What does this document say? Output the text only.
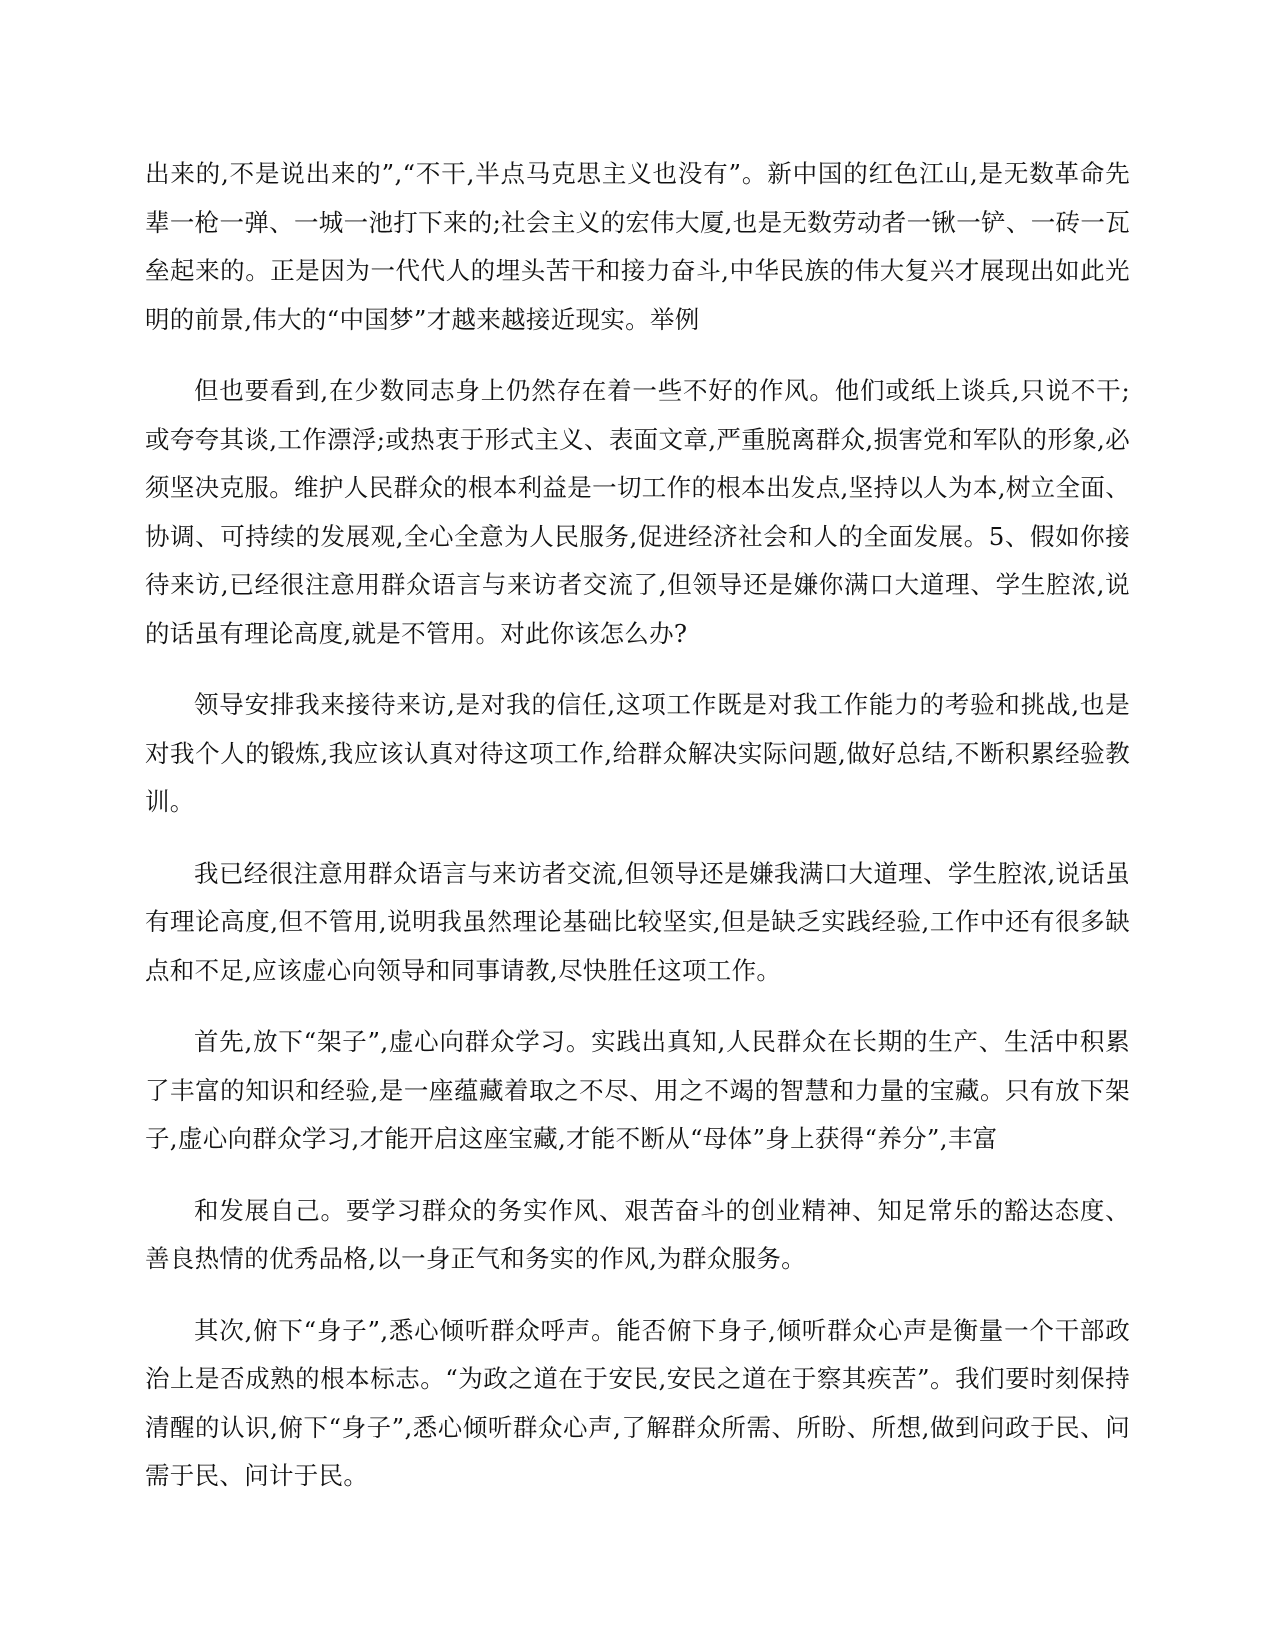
出来的,不是说出来的”,“不干,半点马克思主义也没有”。新中国的红色江山,是无数革命先辈一枪一弹、一城一池打下来的;社会主义的宏伟大厦,也是无数劳动者一锹一铲、一砖一瓦垒起来的。正是因为一代代人的埋头苦干和接力奋斗,中华民族的伟大复兴才展现出如此光明的前景,伟大的“中国梦”才越来越接近现实。举例

但也要看到,在少数同志身上仍然存在着一些不好的作风。他们或纸上谈兵,只说不干;或夸夸其谈,工作漂浮;或热衷于形式主义、表面文章,严重脱离群众,损害党和军队的形象,必须坚决克服。维护人民群众的根本利益是一切工作的根本出发点,坚持以人为本,树立全面、协调、可持续的发展观,全心全意为人民服务,促进经济社会和人的全面发展。5、假如你接待来访,已经很注意用群众语言与来访者交流了,但领导还是嫌你满口大道理、学生腔浓,说的话虽有理论高度,就是不管用。对此你该怎么办?

领导安排我来接待来访,是对我的信任,这项工作既是对我工作能力的考验和挑战,也是对我个人的锻炼,我应该认真对待这项工作,给群众解决实际问题,做好总结,不断积累经验教训。

我已经很注意用群众语言与来访者交流,但领导还是嫌我满口大道理、学生腔浓,说话虽有理论高度,但不管用,说明我虽然理论基础比较坚实,但是缺乏实践经验,工作中还有很多缺点和不足,应该虚心向领导和同事请教,尽快胜任这项工作。

首先,放下“架子”,虚心向群众学习。实践出真知,人民群众在长期的生产、生活中积累了丰富的知识和经验,是一座蕴藏着取之不尽、用之不竭的智慧和力量的宝藏。只有放下架子,虚心向群众学习,才能开启这座宝藏,才能不断从“母体”身上获得“养分”,丰富

和发展自己。要学习群众的务实作风、艰苦奋斗的创业精神、知足常乐的豁达态度、善良热情的优秀品格,以一身正气和务实的作风,为群众服务。

其次,俯下“身子”,悉心倾听群众呼声。能否俯下身子,倾听群众心声是衡量一个干部政治上是否成熟的根本标志。“为政之道在于安民,安民之道在于察其疾苦”。我们要时刻保持清醒的认识,俯下“身子”,悉心倾听群众心声,了解群众所需、所盼、所想,做到问政于民、问需于民、问计于民。
